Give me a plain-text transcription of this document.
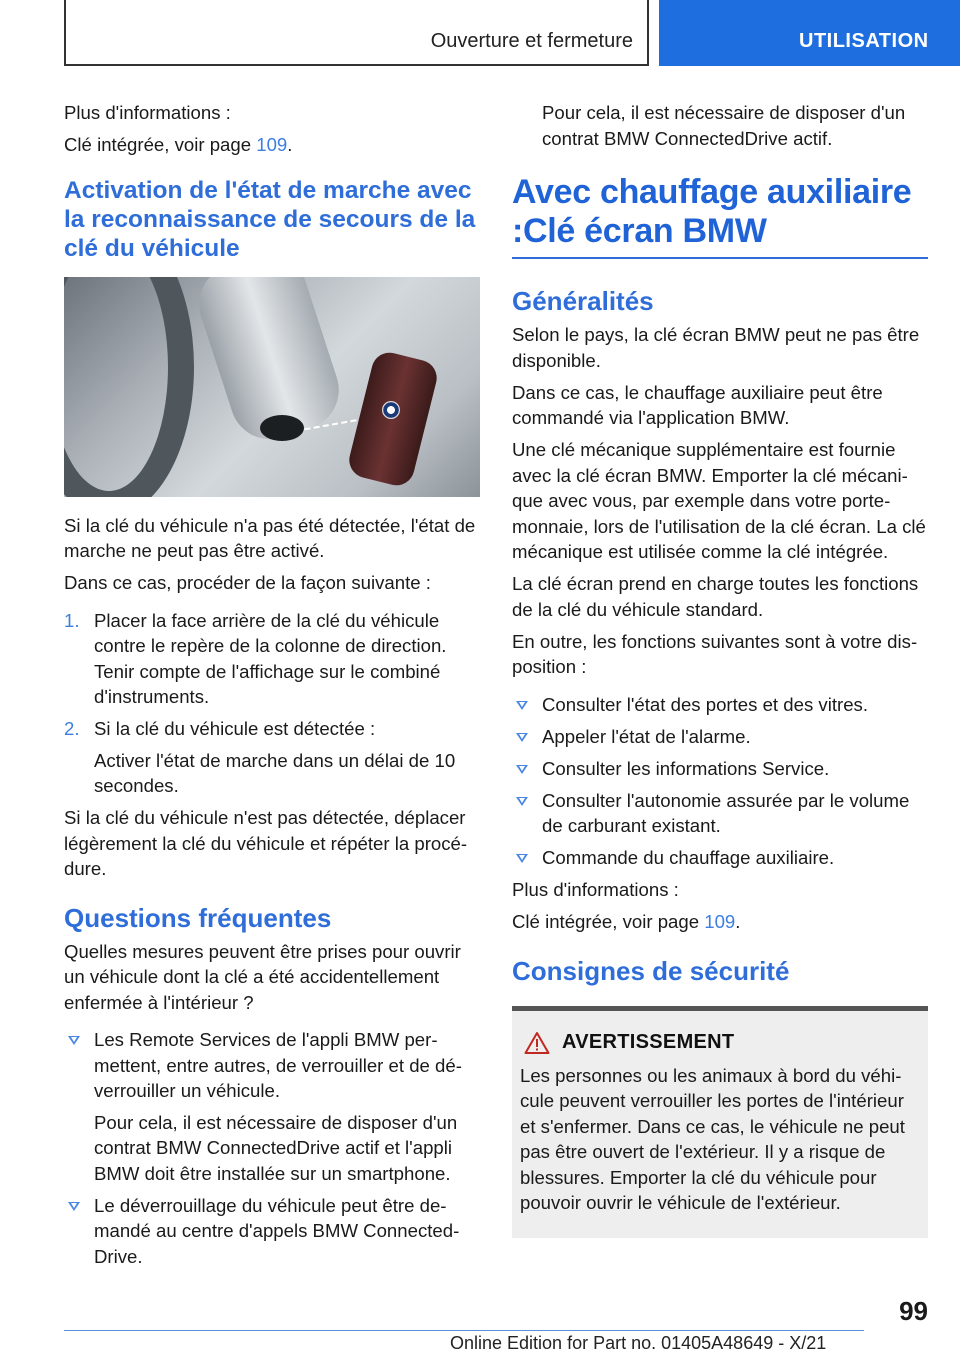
Ouverture et fermeture	UTILISATION

Plus d'informations :

Clé intégrée, voir page 109.

Activation de l'état de marche avec la reconnaissance de secours de la clé du véhicule

Si la clé du véhicule n'a pas été détectée, l'état de marche ne peut pas être activé.

Dans ce cas, procéder de la façon suivante :

1. Placer la face arrière de la clé du véhicule contre le repère de la colonne de direction. Tenir compte de l'affichage sur le combiné d'instruments.

2. Si la clé du véhicule est détectée :

Activer l'état de marche dans un délai de 10 secondes.

Si la clé du véhicule n'est pas détectée, déplacer légèrement la clé du véhicule et répéter la procédure.

Questions fréquentes

Quelles mesures peuvent être prises pour ouvrir un véhicule dont la clé a été accidentellement enfermée à l'intérieur ?

Les Remote Services de l'appli BMW permettent, entre autres, de verrouiller et de déverrouiller un véhicule.

Pour cela, il est nécessaire de disposer d'un contrat BMW ConnectedDrive actif et l'appli BMW doit être installée sur un smartphone.

Le déverrouillage du véhicule peut être demandé au centre d'appels BMW ConnectedDrive.

Pour cela, il est nécessaire de disposer d'un contrat BMW ConnectedDrive actif.

Avec chauffage auxiliaire :Clé écran BMW
Généralités

Selon le pays, la clé écran BMW peut ne pas être disponible.

Dans ce cas, le chauffage auxiliaire peut être commandé via l'application BMW.

Une clé mécanique supplémentaire est fournie avec la clé écran BMW. Emporter la clé mécanique avec vous, par exemple dans votre porte-monnaie, lors de l'utilisation de la clé écran. La clé mécanique est utilisée comme la clé intégrée.

La clé écran prend en charge toutes les fonctions de la clé du véhicule standard.

En outre, les fonctions suivantes sont à votre disposition :

Consulter l'état des portes et des vitres.

Appeler l'état de l'alarme.

Consulter les informations Service.

Consulter l'autonomie assurée par le volume de carburant existant.

Commande du chauffage auxiliaire.

Plus d'informations :

Clé intégrée, voir page 109.

Consignes de sécurité
AVERTISSEMENT

Les personnes ou les animaux à bord du véhicule peuvent verrouiller les portes de l'intérieur et s'enfermer. Dans ce cas, le véhicule ne peut pas être ouvert de l'extérieur. Il y a risque de blessures. Emporter la clé du véhicule pour pouvoir ouvrir le véhicule de l'extérieur.

99
Online Edition for Part no. 01405A48649 - X/21
